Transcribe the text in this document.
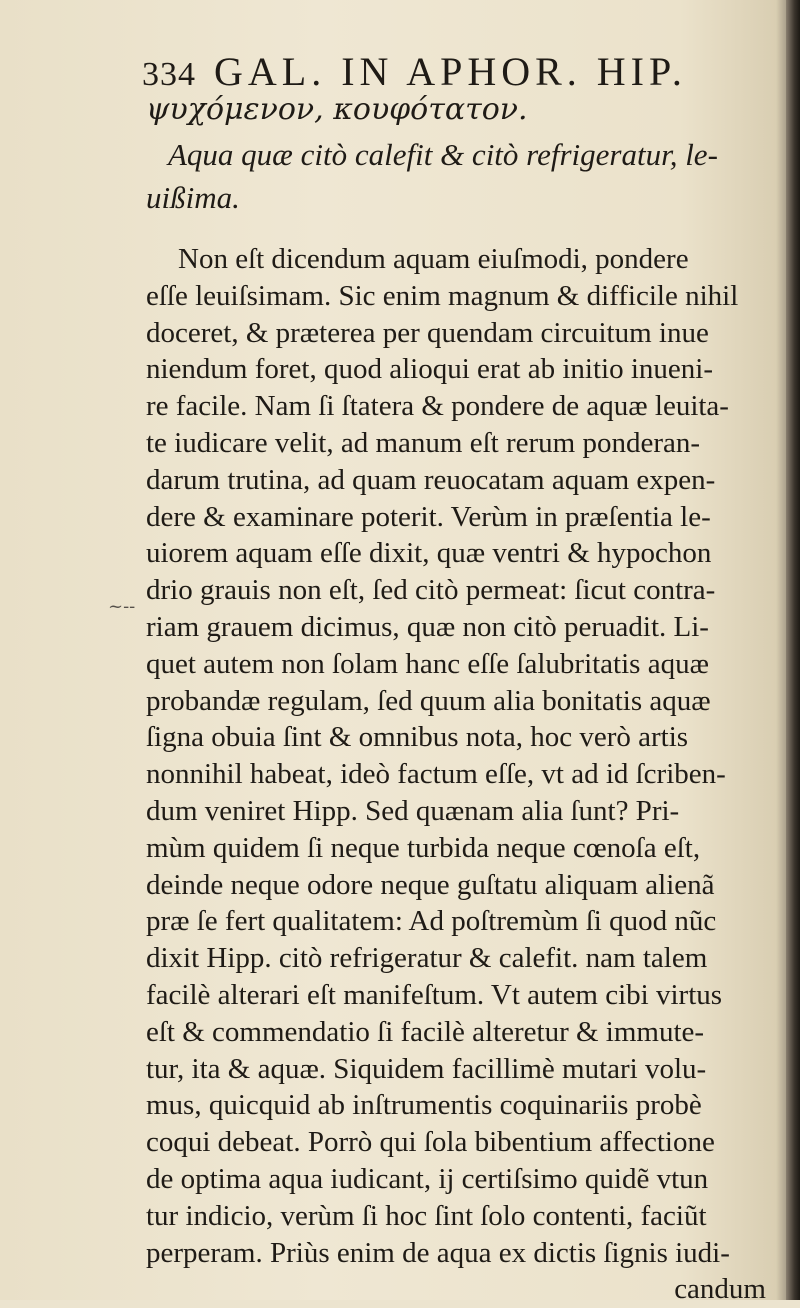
334 GAL. IN APHOR. HIP.
ψυχόμενον, κουφότατον.
Aqua quæ citò calefit & citò refrigeratur, le-
uißima.
~--
Non eſt dicendum aquam eiuſmodi, pondere
eſſe leuiſsimam. Sic enim magnum & difficile nihil
doceret, & præterea per quendam circuitum inue
niendum foret, quod alioqui erat ab initio inueni-
re facile. Nam ſi ſtatera & pondere de aquæ leuita-
te iudicare velit, ad manum eſt rerum ponderan-
darum trutina, ad quam reuocatam aquam expen-
dere & examinare poterit. Verùm in præſentia le-
uiorem aquam eſſe dixit, quæ ventri & hypochon
drio grauis non eſt, ſed citò permeat: ſicut contra-
riam grauem dicimus, quæ non citò peruadit. Li-
quet autem non ſolam hanc eſſe ſalubritatis aquæ
probandæ regulam, ſed quum alia bonitatis aquæ
ſigna obuia ſint & omnibus nota, hoc verò artis
nonnihil habeat, ideò factum eſſe, vt ad id ſcriben-
dum veniret Hipp. Sed quænam alia ſunt? Pri-
mùm quidem ſi neque turbida neque cœnoſa eſt,
deinde neque odore neque guſtatu aliquam alienã
præ ſe fert qualitatem: Ad poſtremùm ſi quod nũc
dixit Hipp. citò refrigeratur & calefit. nam talem
facilè alterari eſt manifeſtum. Vt autem cibi virtus
eſt & commendatio ſi facilè alteretur & immute-
tur, ita & aquæ. Siquidem facillimè mutari volu-
mus, quicquid ab inſtrumentis coquinariis probè
coqui debeat. Porrò qui ſola bibentium affectione
de optima aqua iudicant, ij certiſsimo quidẽ vtun
tur indicio, verùm ſi hoc ſint ſolo contenti, faciũt
perperam. Priùs enim de aqua ex dictis ſignis iudi-
candum
